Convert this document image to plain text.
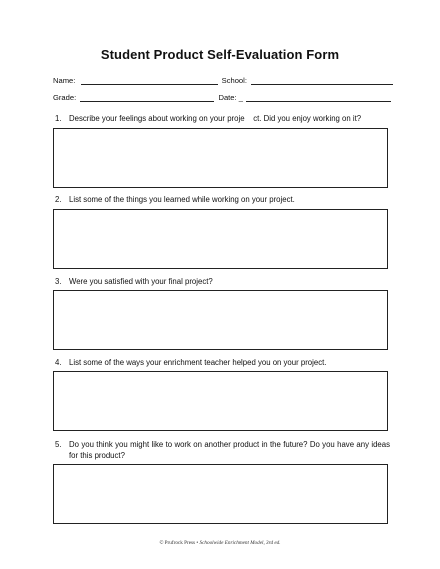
Student Product Self-Evaluation Form
Name:	School:
Grade:	Date: _
1. Describe your feelings about working on your proje    ct. Did you enjoy working on it?
2. List some of the things you learned while working on your project.
3. Were you satisfied with your final project?
4. List some of the ways your enrichment teacher helped you on your project.
5. Do you think you might like to work on another product in the future? Do you have any ideas for this product?
© Prufrock Press • Schoolwide Enrichment Model, 3rd ed.
